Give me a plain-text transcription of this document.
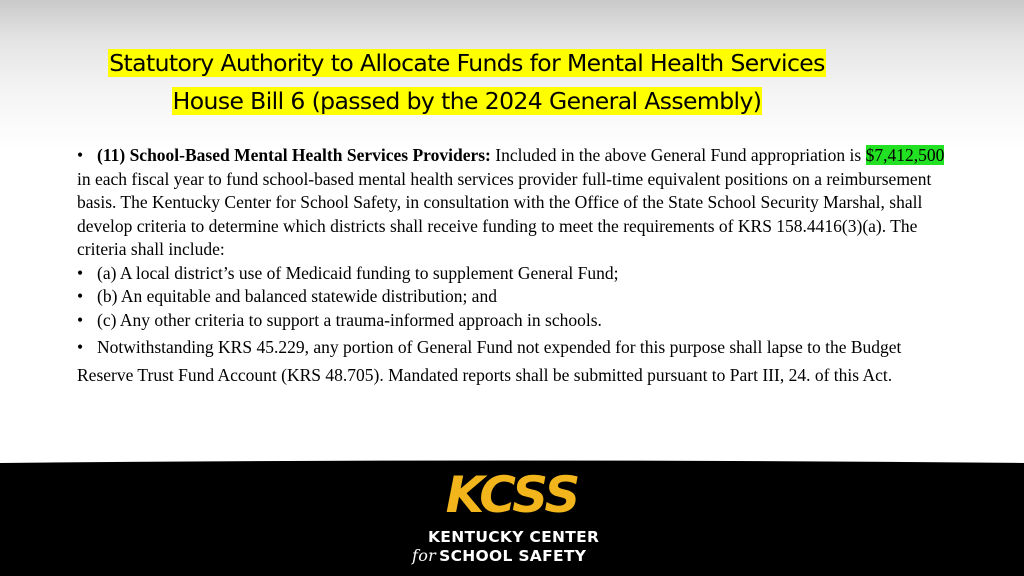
Statutory Authority to Allocate Funds for Mental Health Services
House Bill 6 (passed by the 2024 General Assembly)

• (11) School-Based Mental Health Services Providers: Included in the above General Fund appropriation is $7,412,500 in each fiscal year to fund school-based mental health services provider full-time equivalent positions on a reimbursement basis. The Kentucky Center for School Safety, in consultation with the Office of the State School Security Marshal, shall develop criteria to determine which districts shall receive funding to meet the requirements of KRS 158.4416(3)(a). The criteria shall include:

• (a) A local district’s use of Medicaid funding to supplement General Fund;

• (b) An equitable and balanced statewide distribution; and

• (c) Any other criteria to support a trauma-informed approach in schools.

• Notwithstanding KRS 45.229, any portion of General Fund not expended for this purpose shall lapse to the Budget Reserve Trust Fund Account (KRS 48.705). Mandated reports shall be submitted pursuant to Part III, 24. of this Act.

KCSS
KENTUCKY CENTER
for SCHOOL SAFETY
